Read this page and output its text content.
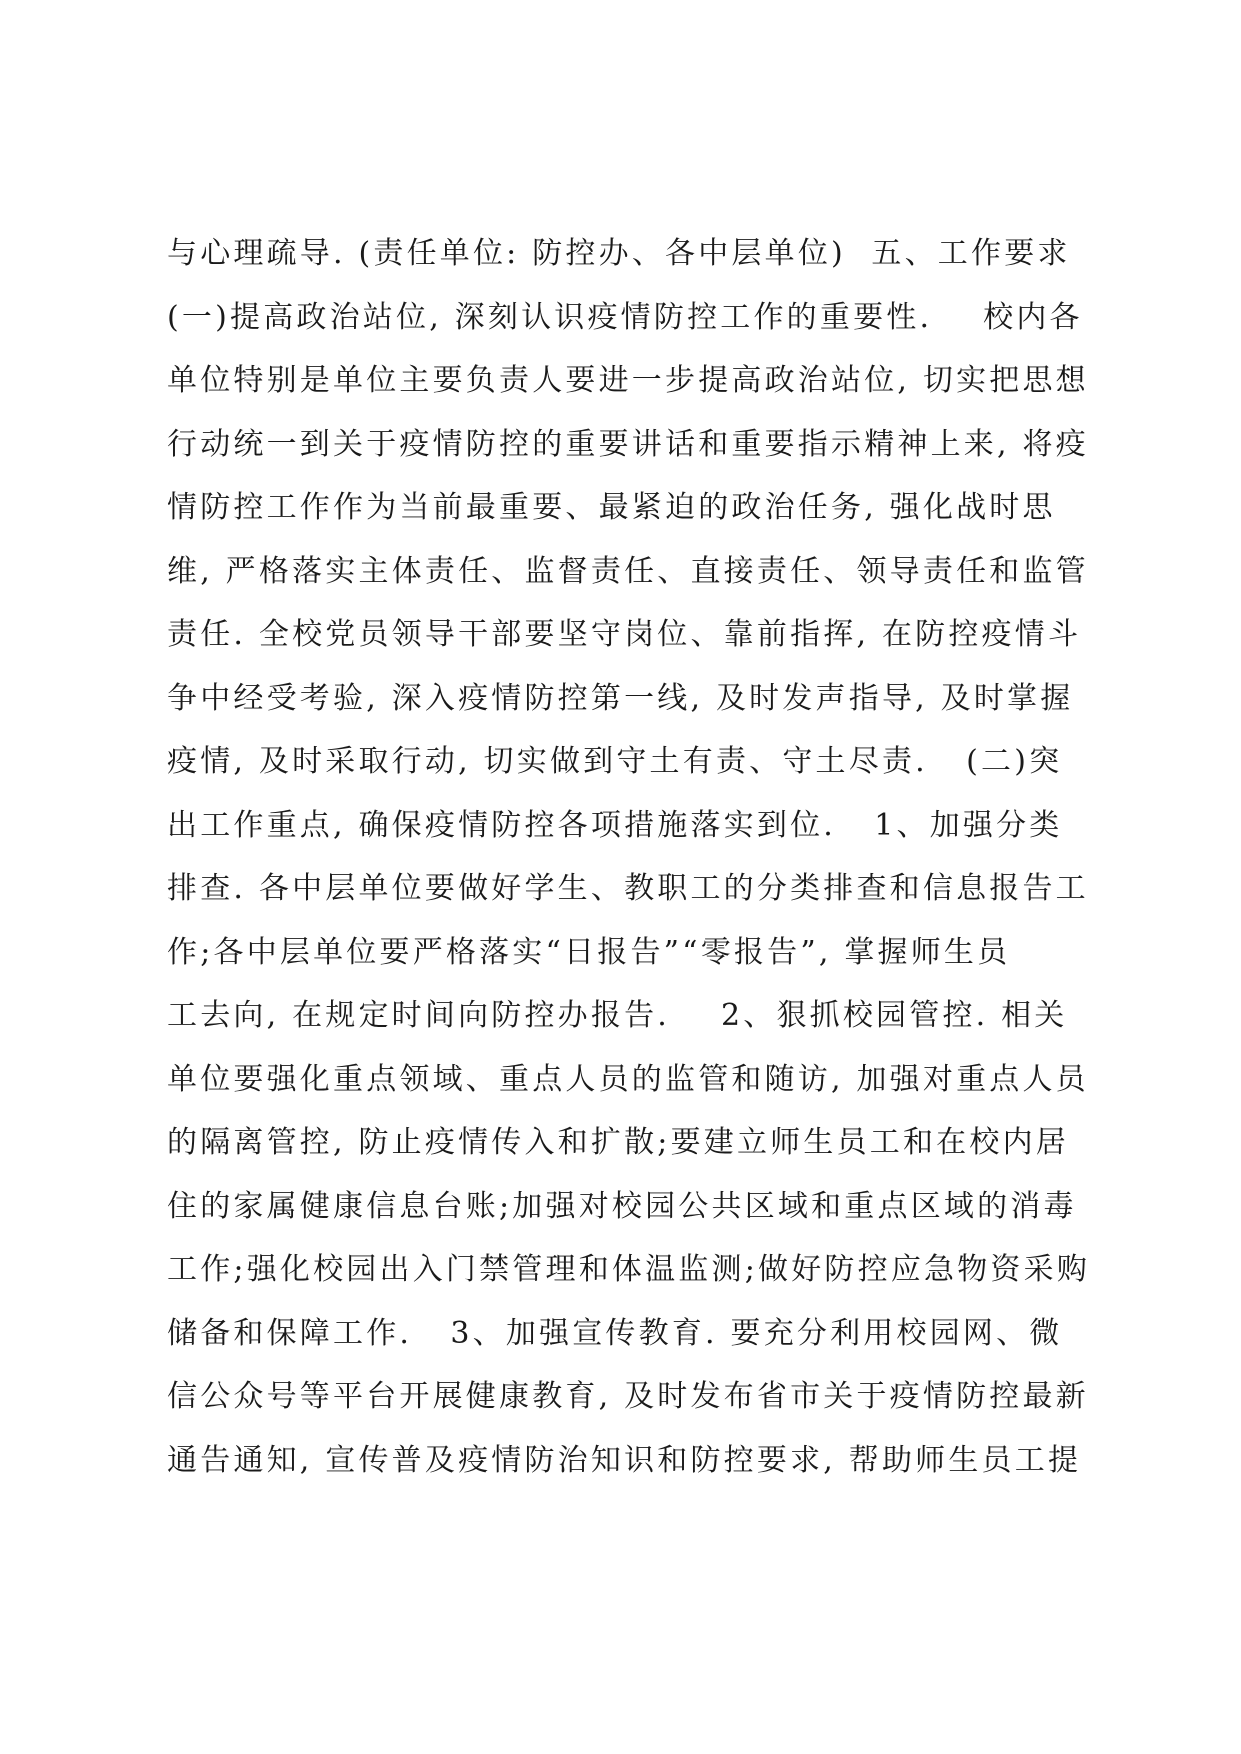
与心理疏导. (责任单位: 防控办、各中层单位)  五、工作要求
(一)提高政治站位, 深刻认识疫情防控工作的重要性.    校内各
单位特别是单位主要负责人要进一步提高政治站位, 切实把思想
行动统一到关于疫情防控的重要讲话和重要指示精神上来, 将疫
情防控工作作为当前最重要、最紧迫的政治任务, 强化战时思
维, 严格落实主体责任、监督责任、直接责任、领导责任和监管
责任. 全校党员领导干部要坚守岗位、靠前指挥, 在防控疫情斗
争中经受考验, 深入疫情防控第一线, 及时发声指导, 及时掌握
疫情, 及时采取行动, 切实做到守土有责、守土尽责.   (二)突
出工作重点, 确保疫情防控各项措施落实到位.   1、加强分类
排查. 各中层单位要做好学生、教职工的分类排查和信息报告工
作;各中层单位要严格落实“日报告”“零报告”, 掌握师生员
工去向, 在规定时间向防控办报告.    2、狠抓校园管控. 相关
单位要强化重点领域、重点人员的监管和随访, 加强对重点人员
的隔离管控, 防止疫情传入和扩散;要建立师生员工和在校内居
住的家属健康信息台账;加强对校园公共区域和重点区域的消毒
工作;强化校园出入门禁管理和体温监测;做好防控应急物资采购
储备和保障工作.   3、加强宣传教育. 要充分利用校园网、微
信公众号等平台开展健康教育, 及时发布省市关于疫情防控最新
通告通知, 宣传普及疫情防治知识和防控要求, 帮助师生员工提
